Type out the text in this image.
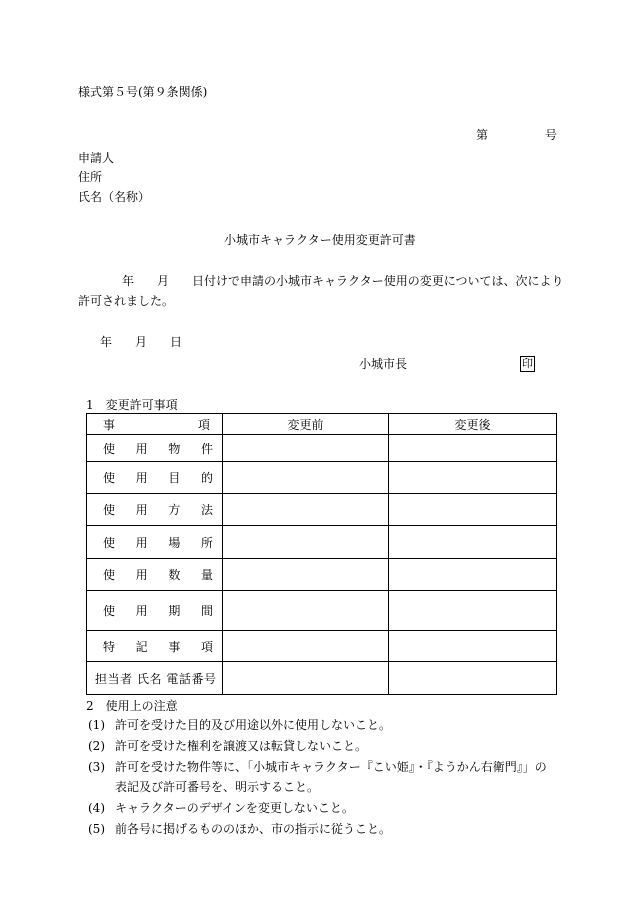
様式第５号(第９条関係)
第	号
申請人
住所
氏名（名称）
小城市キャラクター使用変更許可書
年 月 日付けで申請の小城市キャラクター使用の変更については、次により
許可されました。
年 月 日
小城市長	印
1　変更許可事項
事　　　　　項	変更前	変更後
使　用　物　件		
使　用　目　的		
使　用　方　法		
使　用　場　所		
使　用　数　量		
使　用　期　間		
特　記　事　項		
担当者 氏名 電話番号		
2　使用上の注意
(1) 許可を受けた目的及び用途以外に使用しないこと。
(2) 許可を受けた権利を譲渡又は転貸しないこと。
(3) 許可を受けた物件等に、「小城市キャラクター『こい姫』・『ようかん右衛門』」の
表記及び許可番号を、明示すること。
(4) キャラクターのデザインを変更しないこと。
(5) 前各号に掲げるもののほか、市の指示に従うこと。
